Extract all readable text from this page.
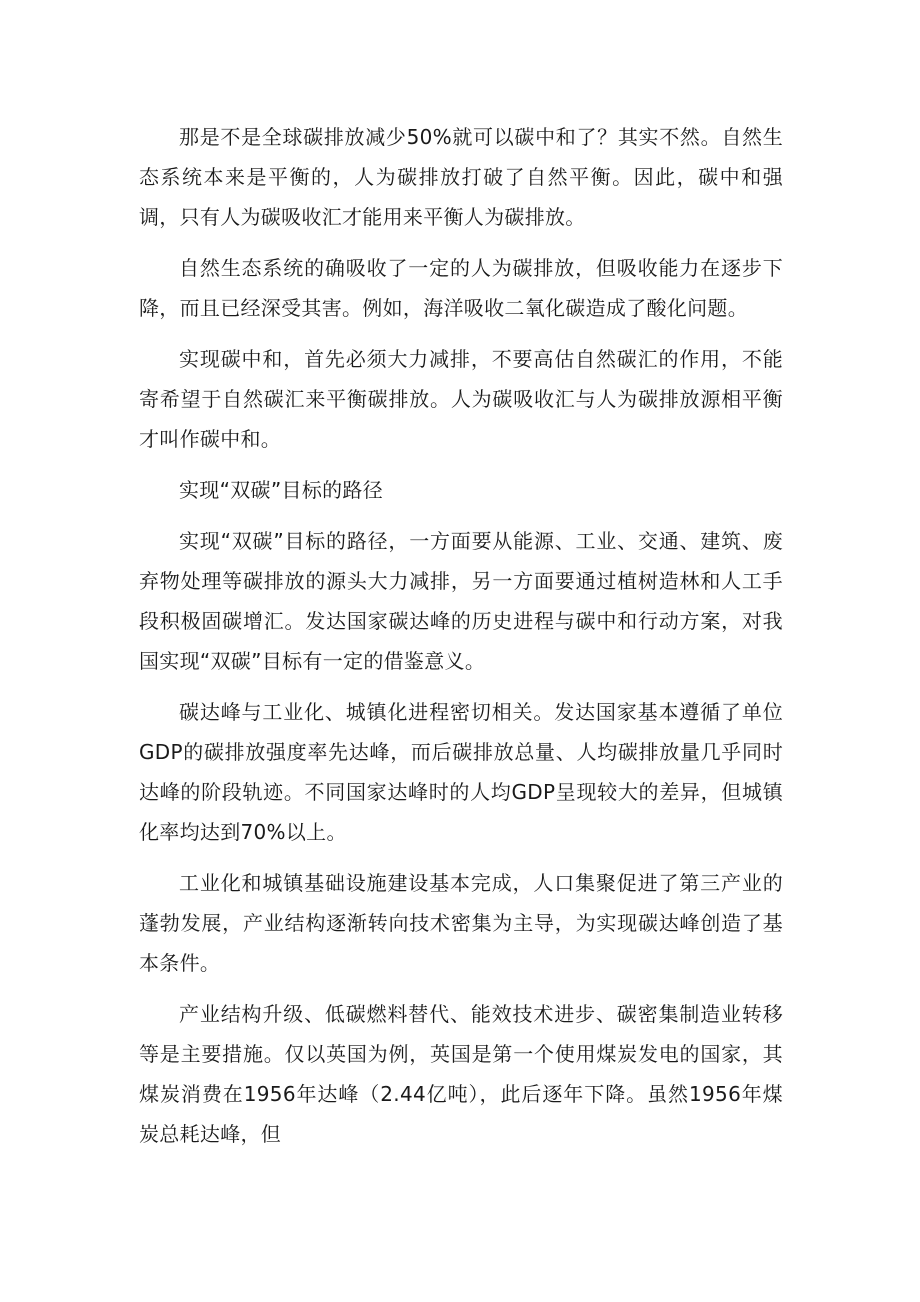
那是不是全球碳排放减少50%就可以碳中和了？其实不然。自然生态系统本来是平衡的，人为碳排放打破了自然平衡。因此，碳中和强调，只有人为碳吸收汇才能用来平衡人为碳排放。

自然生态系统的确吸收了一定的人为碳排放，但吸收能力在逐步下降，而且已经深受其害。例如，海洋吸收二氧化碳造成了酸化问题。

实现碳中和，首先必须大力减排，不要高估自然碳汇的作用，不能寄希望于自然碳汇来平衡碳排放。人为碳吸收汇与人为碳排放源相平衡才叫作碳中和。

实现“双碳”目标的路径

实现“双碳”目标的路径，一方面要从能源、工业、交通、建筑、废弃物处理等碳排放的源头大力减排，另一方面要通过植树造林和人工手段积极固碳增汇。发达国家碳达峰的历史进程与碳中和行动方案，对我国实现“双碳”目标有一定的借鉴意义。

碳达峰与工业化、城镇化进程密切相关。发达国家基本遵循了单位GDP的碳排放强度率先达峰，而后碳排放总量、人均碳排放量几乎同时达峰的阶段轨迹。不同国家达峰时的人均GDP呈现较大的差异，但城镇化率均达到70%以上。

工业化和城镇基础设施建设基本完成，人口集聚促进了第三产业的蓬勃发展，产业结构逐渐转向技术密集为主导，为实现碳达峰创造了基本条件。

产业结构升级、低碳燃料替代、能效技术进步、碳密集制造业转移等是主要措施。仅以英国为例，英国是第一个使用煤炭发电的国家，其煤炭消费在1956年达峰（2.44亿吨），此后逐年下降。虽然1956年煤炭总耗达峰，但
